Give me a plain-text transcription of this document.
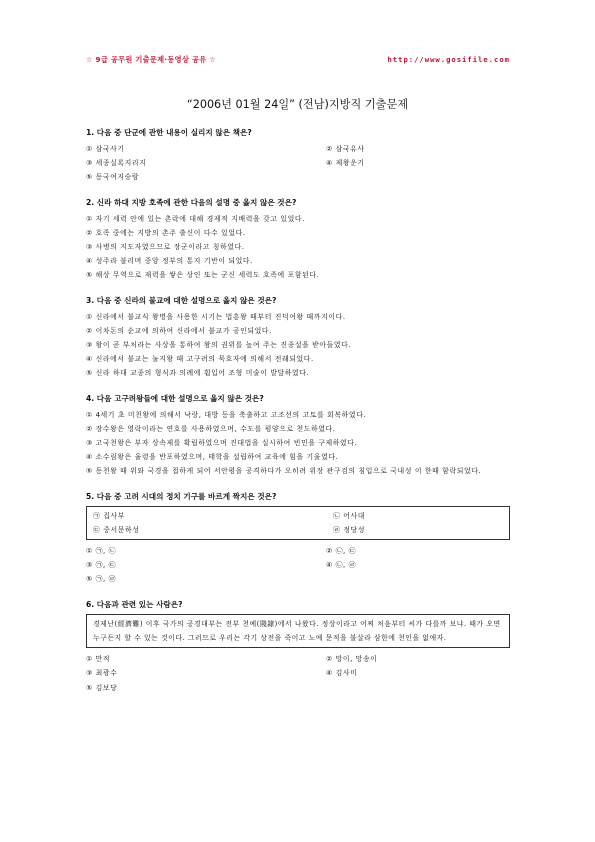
☆ 9급 공무원 기출문제·동영상 공유 ☆	http://www.gosifile.com
“2006년 01월 24일” (전남)지방직 기출문제
1. 다음 중 단군에 관한 내용이 실리지 않은 책은?
① 삼국사기	② 삼국유사
③ 세종실록지리지	④ 제왕운기
⑤ 동국여지승람
2. 신라 하대 지방 호족에 관한 다음의 설명 중 옳지 않은 것은?
① 자기 세력 안에 있는 촌락에 대해 경제적 지배력을 갖고 있었다.
② 호족 중에는 지방의 촌주 출신이 다수 있었다.
③ 사병의 지도자였으므로 장군이라고 칭하였다.
④ 성주라 불리며 중앙 정부의 통지 기반이 되었다.
⑤ 해상 무역으로 재력을 쌓은 상인 또는 군신 세력도 호족에 포함된다.
3. 다음 중 신라의 불교에 대한 설명으로 옳지 않은 것은?
① 신라에서 불교식 왕명을 사용한 시기는 법흥왕 때부터 진덕여왕 때까지이다.
② 이차돈의 순교에 의하여 신라에서 불교가 공인되었다.
③ 왕이 곧 부처라는 사상을 통하여 왕의 권위를 높여 주는 진종설을 받아들였다.
④ 신라에서 불교는 눌지왕 때 고구려의 묵호자에 의해서 전래되었다.
⑤ 신라 하대 교종의 형식과 의례에 휩입어 조형 미술이 발달하였다.
4. 다음 고구려왕들에 대한 설명으로 옳지 않은 것은?
① 4세기 초 미천왕에 의해서 낙랑, 대방 등을 축출하고 고조선의 고토를 회복하였다.
② 장수왕은 영락이라는 연호를 사용하였으며, 수도를 평양으로 천도하였다.
③ 고국천왕은 부자 상속제를 확립하였으며 진대법을 실시하여 빈민을 구제하였다.
④ 소수림왕은 율령을 반포하였으며, 태학을 설립하여 교육에 힘을 기울였다.
⑤ 동천왕 때 위와 국경을 접하게 되어 서안평을 공격하다가 오히려 위장 관구검의 침입으로 국내성 이 한때 함락되었다.
5. 다음 중 고려 시대의 정치 기구를 바르게 짝지은 것은?
㉠ 집사부	㉡ 어사대
㉢ 중서문하성	㉣ 정당성
① ㉠, ㉡	② ㉡, ㉢
③ ㉠, ㉢	④ ㉡, ㉣
⑤ ㉠, ㉣
6. 다음과 관련 있는 사람은?
경제난(經濟難) 이후 국가의 공경대부는 전부 천예(賤隷)에서 나왔다. 정상이라고 어찌 처음부터 씨가 다를까 보냐. 때가 오면 누구든지 할 수 있는 것이다. 그러므로 우리는 각기 상전을 죽이고 노예 문적을 불살라 삼한에 천인을 없애자.
① 만적	② 망이, 망송이
③ 최광수	④ 김사미
⑤ 김보당
